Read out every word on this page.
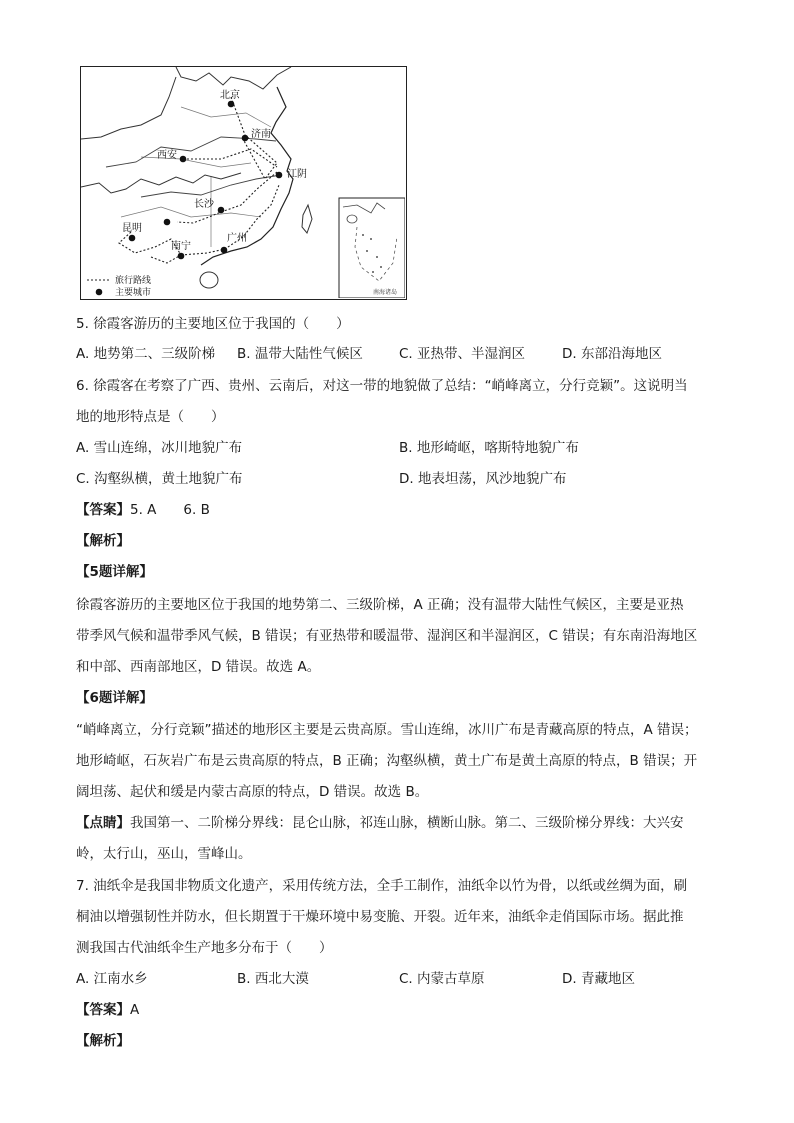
北京
济南
西安
江阴
长沙
昆明
南宁
广州
旅行路线
主要城市	南海诸岛
5. 徐霞客游历的主要地区位于我国的（　　）
A. 地势第二、三级阶梯 B. 温带大陆性气候区	C. 亚热带、半湿润区	D. 东部沿海地区
6. 徐霞客在考察了广西、贵州、云南后，对这一带的地貌做了总结：“峭峰离立，分行竞颖”。这说明当
地的地形特点是（　　）
A. 雪山连绵，冰川地貌广布	B. 地形崎岖，喀斯特地貌广布
C. 沟壑纵横，黄土地貌广布	D. 地表坦荡，风沙地貌广布
【答案】5. A　　6. B
【解析】
【5题详解】
徐霞客游历的主要地区位于我国的地势第二、三级阶梯，A 正确；没有温带大陆性气候区，主要是亚热
带季风气候和温带季风气候，B 错误；有亚热带和暖温带、湿润区和半湿润区，C 错误；有东南沿海地区
和中部、西南部地区，D 错误。故选 A。
【6题详解】
“峭峰离立，分行竞颖”描述的地形区主要是云贵高原。雪山连绵，冰川广布是青藏高原的特点，A 错误；
地形崎岖，石灰岩广布是云贵高原的特点，B 正确；沟壑纵横，黄土广布是黄土高原的特点，B 错误；开
阔坦荡、起伏和缓是内蒙古高原的特点，D 错误。故选 B。
【点睛】我国第一、二阶梯分界线：昆仑山脉，祁连山脉，横断山脉。第二、三级阶梯分界线：大兴安
岭，太行山，巫山，雪峰山。
7. 油纸伞是我国非物质文化遗产，采用传统方法，全手工制作，油纸伞以竹为骨，以纸或丝绸为面，刷
桐油以增强韧性并防水，但长期置于干燥环境中易变脆、开裂。近年来，油纸伞走俏国际市场。据此推
测我国古代油纸伞生产地多分布于（　　）
A. 江南水乡	B. 西北大漠	C. 内蒙古草原	D. 青藏地区
【答案】A
【解析】
